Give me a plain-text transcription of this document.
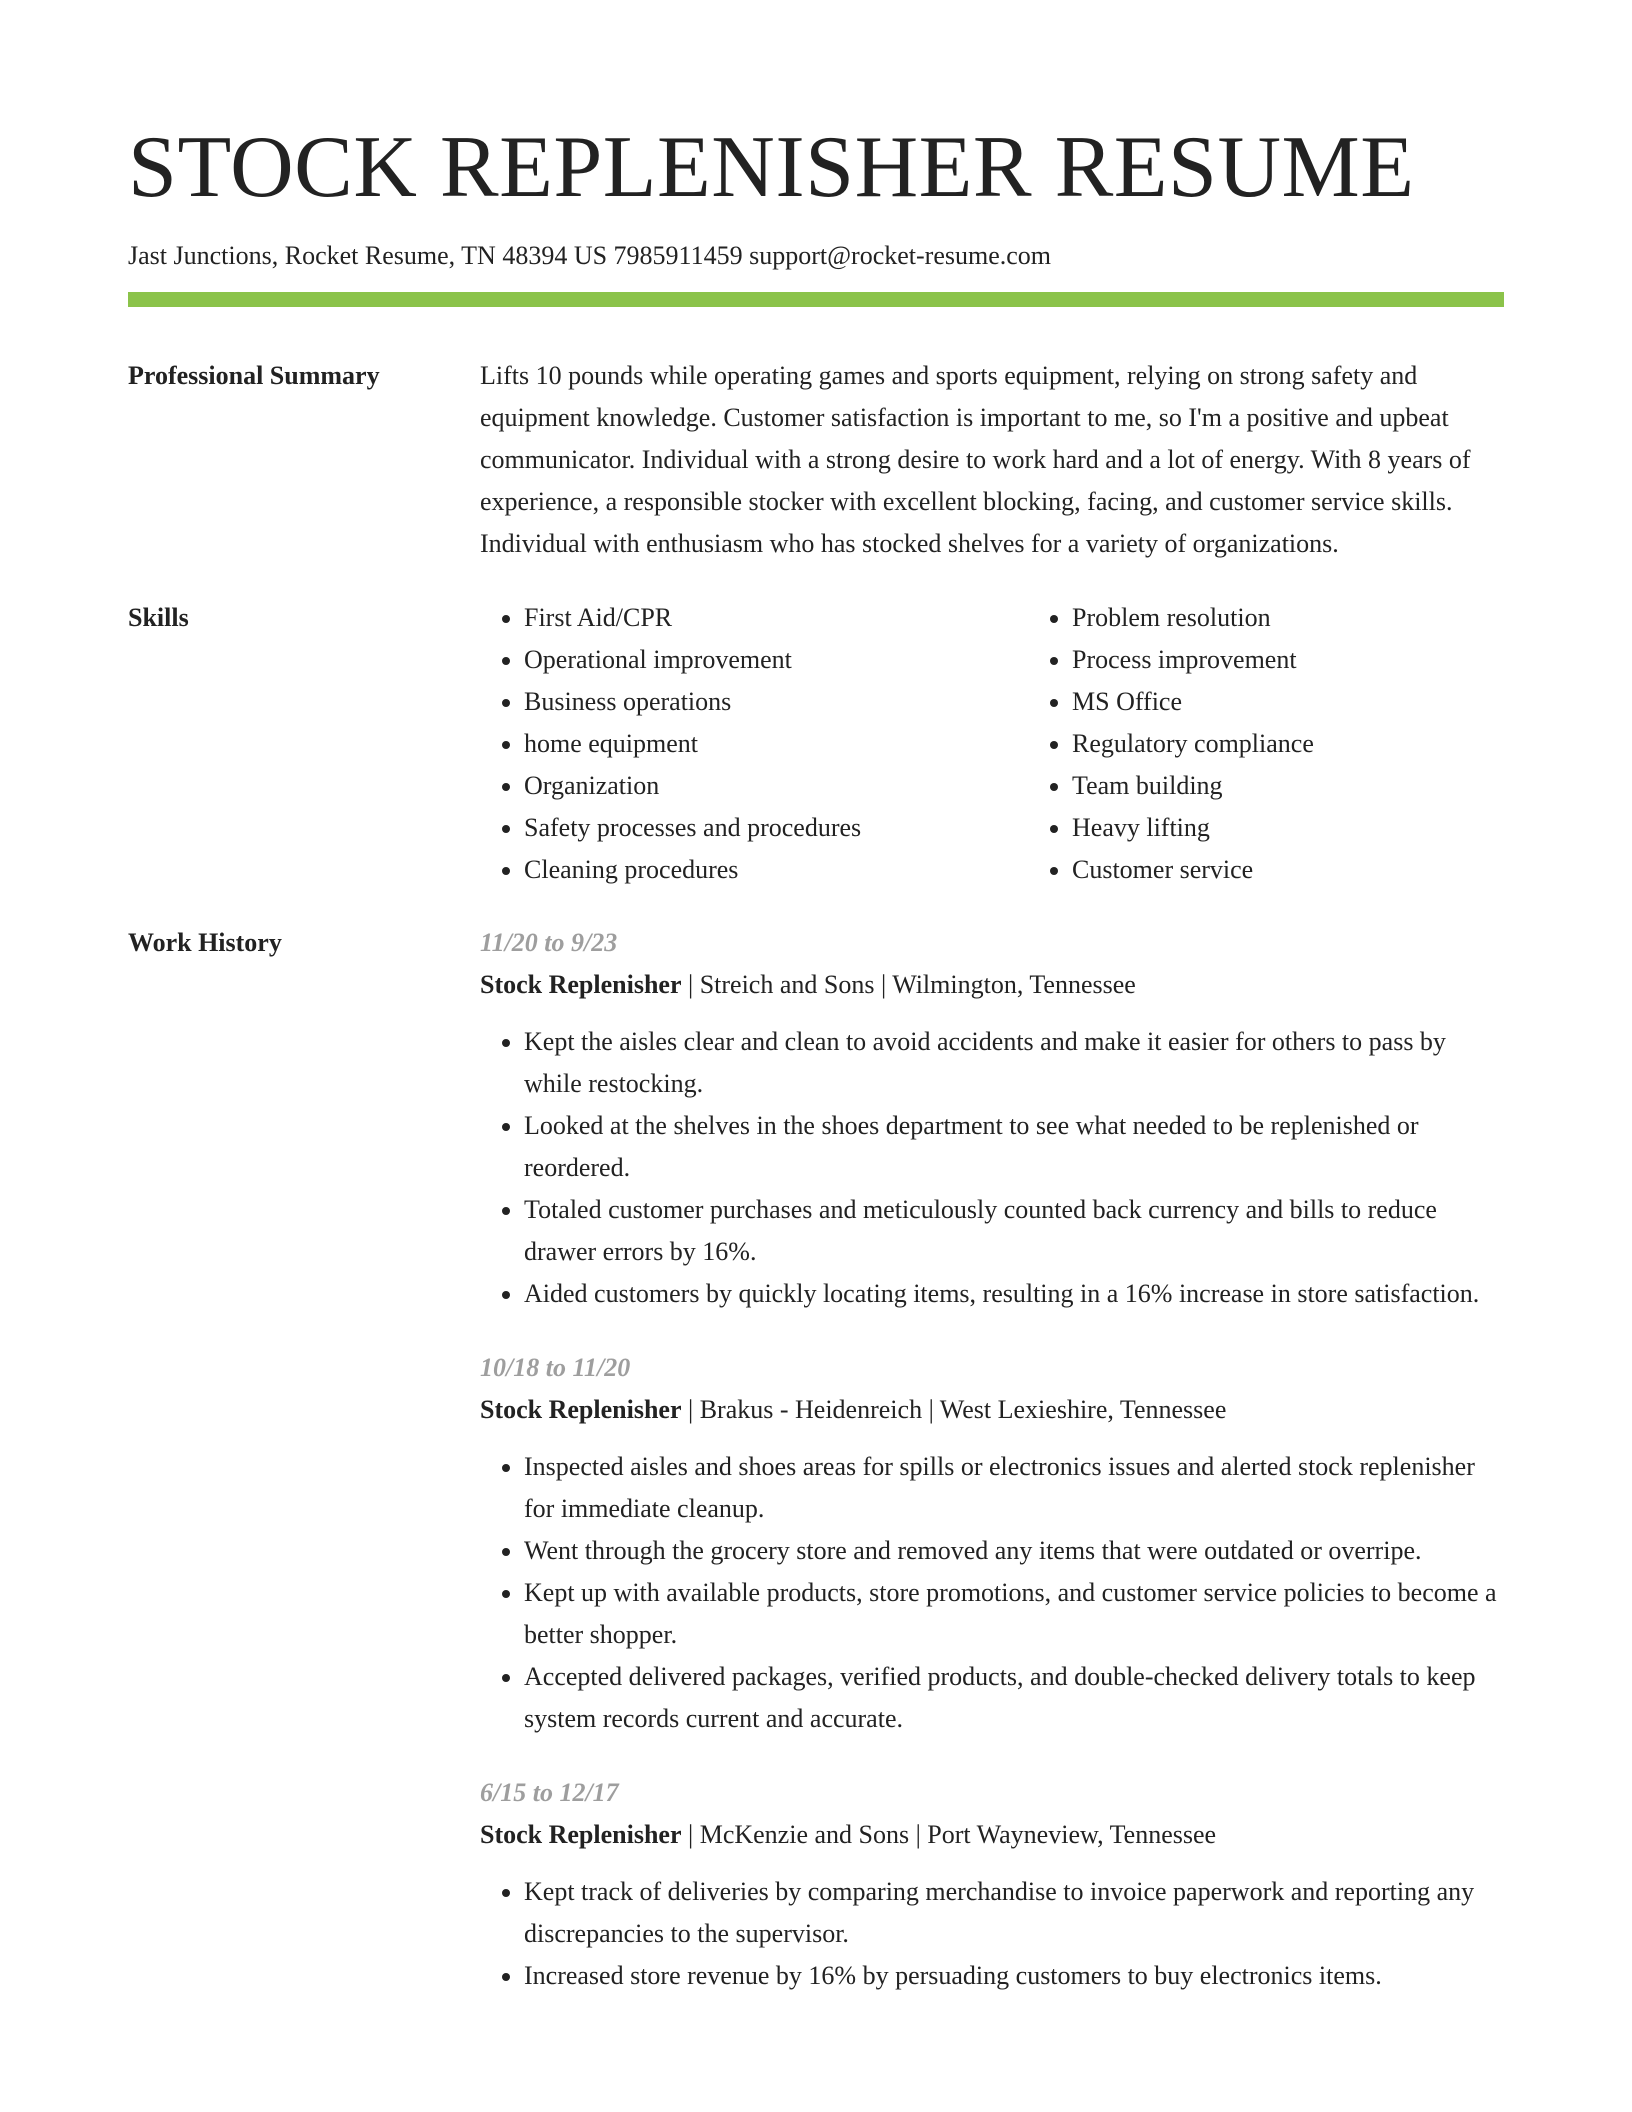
STOCK REPLENISHER RESUME
Jast Junctions, Rocket Resume, TN 48394 US 7985911459 support@rocket-resume.com
Professional Summary	Lifts 10 pounds while operating games and sports equipment, relying on strong safety and equipment knowledge. Customer satisfaction is important to me, so I'm a positive and upbeat communicator. Individual with a strong desire to work hard and a lot of energy. With 8 years of experience, a responsible stocker with excellent blocking, facing, and customer service skills. Individual with enthusiasm who has stocked shelves for a variety of organizations.

Skills
•	First Aid/CPR
• Operational improvement
• Business operations
• home equipment
• Organization
• Safety processes and procedures
• Cleaning procedures
• Problem resolution
• Process improvement
• MS Office
• Regulatory compliance
• Team building
• Heavy lifting
• Customer service
Work History	11/20 to 9/23
Stock Replenisher | Streich and Sons | Wilmington, Tennessee
• Kept the aisles clear and clean to avoid accidents and make it easier for others to pass by while restocking.
• Looked at the shelves in the shoes department to see what needed to be replenished or reordered.
• Totaled customer purchases and meticulously counted back currency and bills to reduce drawer errors by 16%.
• Aided customers by quickly locating items, resulting in a 16% increase in store satisfaction.
10/18 to 11/20
Stock Replenisher | Brakus - Heidenreich | West Lexieshire, Tennessee
• Inspected aisles and shoes areas for spills or electronics issues and alerted stock replenisher for immediate cleanup.
• Went through the grocery store and removed any items that were outdated or overripe.
• Kept up with available products, store promotions, and customer service policies to become a better shopper.
• Accepted delivered packages, verified products, and double-checked delivery totals to keep system records current and accurate.
6/15 to 12/17
Stock Replenisher | McKenzie and Sons | Port Wayneview, Tennessee
• Kept track of deliveries by comparing merchandise to invoice paperwork and reporting any discrepancies to the supervisor.
• Increased store revenue by 16% by persuading customers to buy electronics items.
